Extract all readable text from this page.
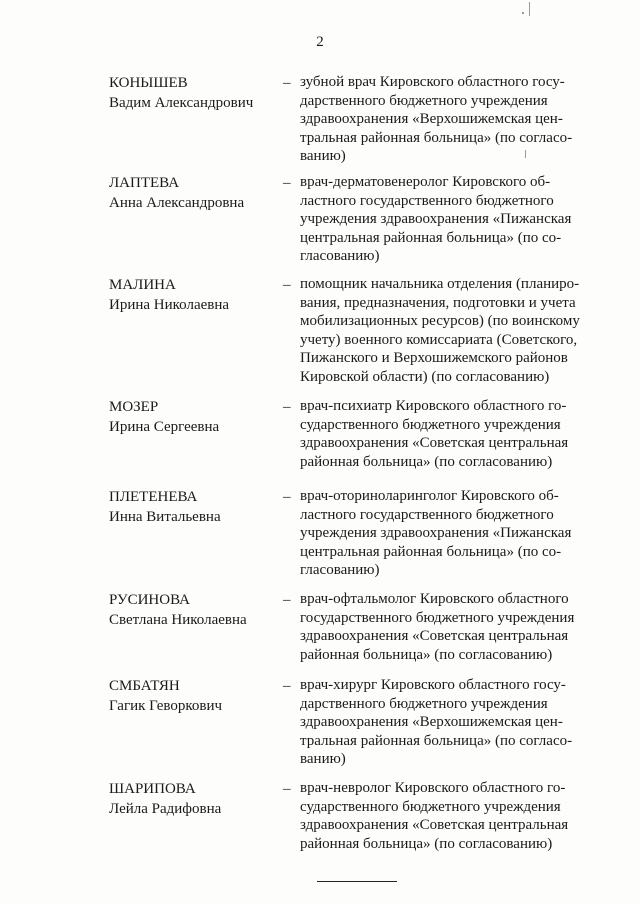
2
КОНЫШЕВ
Вадим Александрович
– зубной врач Кировского областного госу-
дарственного бюджетного учреждения
здравоохранения «Верхошижемская цен-
тральная районная больница» (по согласо-
ванию)
ЛАПТЕВА
Анна Александровна
– врач-дерматовенеролог Кировского об-
ластного государственного бюджетного
учреждения здравоохранения «Пижанская
центральная районная больница» (по со-
гласованию)
МАЛИНА
Ирина Николаевна
– помощник начальника отделения (планиро-
вания, предназначения, подготовки и учета
мобилизационных ресурсов) (по воинскому
учету) военного комиссариата (Советского,
Пижанского и Верхошижемского районов
Кировской области) (по согласованию)
МОЗЕР
Ирина Сергеевна
– врач-психиатр Кировского областного го-
сударственного бюджетного учреждения
здравоохранения «Советская центральная
районная больница» (по согласованию)
ПЛЕТЕНЕВА
Инна Витальевна
– врач-оториноларинголог Кировского об-
ластного государственного бюджетного
учреждения здравоохранения «Пижанская
центральная районная больница» (по со-
гласованию)
РУСИНОВА
Светлана Николаевна
– врач-офтальмолог Кировского областного
государственного бюджетного учреждения
здравоохранения «Советская центральная
районная больница» (по согласованию)
СМБАТЯН
Гагик Геворкович
– врач-хирург Кировского областного госу-
дарственного бюджетного учреждения
здравоохранения «Верхошижемская цен-
тральная районная больница» (по согласо-
ванию)
ШАРИПОВА
Лейла Радифовна
– врач-невролог Кировского областного го-
сударственного бюджетного учреждения
здравоохранения «Советская центральная
районная больница» (по согласованию)
